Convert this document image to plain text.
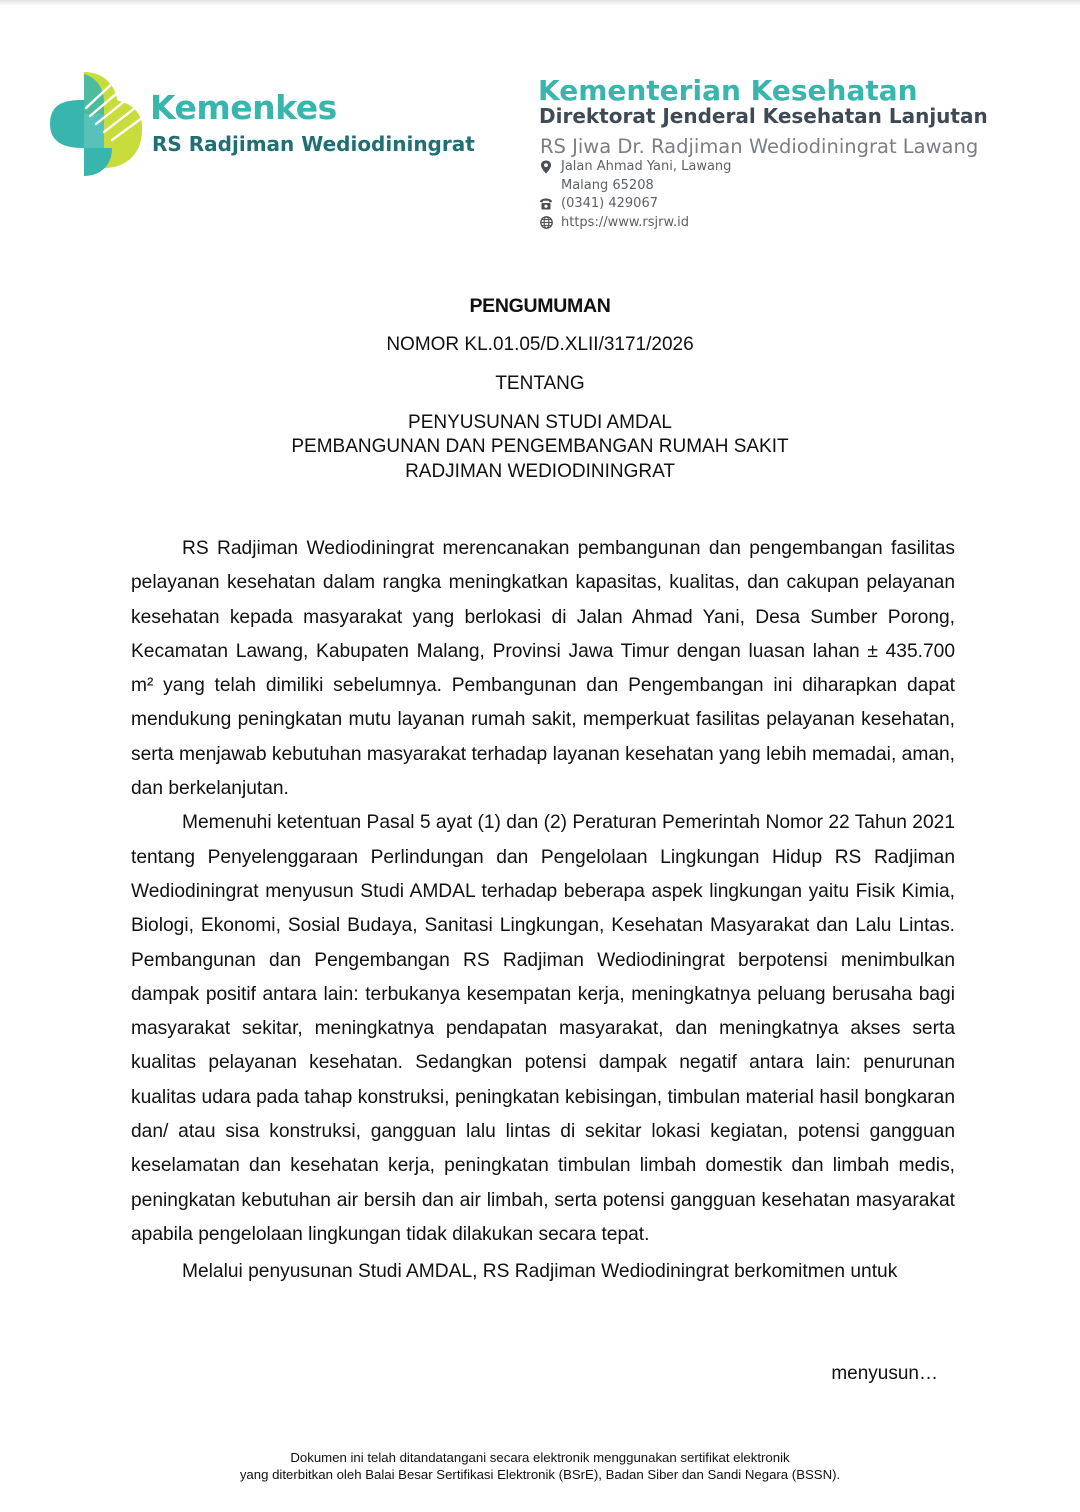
Kemenkes
RS Radjiman Wediodiningrat
Kementerian Kesehatan
Direktorat Jenderal Kesehatan Lanjutan
RS Jiwa Dr. Radjiman Wediodiningrat Lawang
Jalan Ahmad Yani, Lawang
Malang 65208
(0341) 429067
https://www.rsjrw.id
PENGUMUMAN
NOMOR KL.01.05/D.XLII/3171/2026
TENTANG
PENYUSUNAN STUDI AMDAL
PEMBANGUNAN DAN PENGEMBANGAN RUMAH SAKIT
RADJIMAN WEDIODININGRAT

RS Radjiman Wediodiningrat merencanakan pembangunan dan pengembangan fasilitas pelayanan kesehatan dalam rangka meningkatkan kapasitas, kualitas, dan cakupan pelayanan kesehatan kepada masyarakat yang berlokasi di Jalan Ahmad Yani, Desa Sumber Porong, Kecamatan Lawang, Kabupaten Malang, Provinsi Jawa Timur dengan luasan lahan ± 435.700 m² yang telah dimiliki sebelumnya. Pembangunan dan Pengembangan ini diharapkan dapat mendukung peningkatan mutu layanan rumah sakit, memperkuat fasilitas pelayanan kesehatan, serta menjawab kebutuhan masyarakat terhadap layanan kesehatan yang lebih memadai, aman, dan berkelanjutan.

Memenuhi ketentuan Pasal 5 ayat (1) dan (2) Peraturan Pemerintah Nomor 22 Tahun 2021 tentang Penyelenggaraan Perlindungan dan Pengelolaan Lingkungan Hidup RS Radjiman Wediodiningrat menyusun Studi AMDAL terhadap beberapa aspek lingkungan yaitu Fisik Kimia, Biologi, Ekonomi, Sosial Budaya, Sanitasi Lingkungan, Kesehatan Masyarakat dan Lalu Lintas. Pembangunan dan Pengembangan RS Radjiman Wediodiningrat berpotensi menimbulkan dampak positif antara lain: terbukanya kesempatan kerja, meningkatnya peluang berusaha bagi masyarakat sekitar, meningkatnya pendapatan masyarakat, dan meningkatnya akses serta kualitas pelayanan kesehatan. Sedangkan potensi dampak negatif antara lain: penurunan kualitas udara pada tahap konstruksi, peningkatan kebisingan, timbulan material hasil bongkaran dan/ atau sisa konstruksi, gangguan lalu lintas di sekitar lokasi kegiatan, potensi gangguan keselamatan dan kesehatan kerja, peningkatan timbulan limbah domestik dan limbah medis, peningkatan kebutuhan air bersih dan air limbah, serta potensi gangguan kesehatan masyarakat apabila pengelolaan lingkungan tidak dilakukan secara tepat.

Melalui penyusunan Studi AMDAL, RS Radjiman Wediodiningrat berkomitmen untuk

menyusun…
Dokumen ini telah ditandatangani secara elektronik menggunakan sertifikat elektronik
yang diterbitkan oleh Balai Besar Sertifikasi Elektronik (BSrE), Badan Siber dan Sandi Negara (BSSN).
